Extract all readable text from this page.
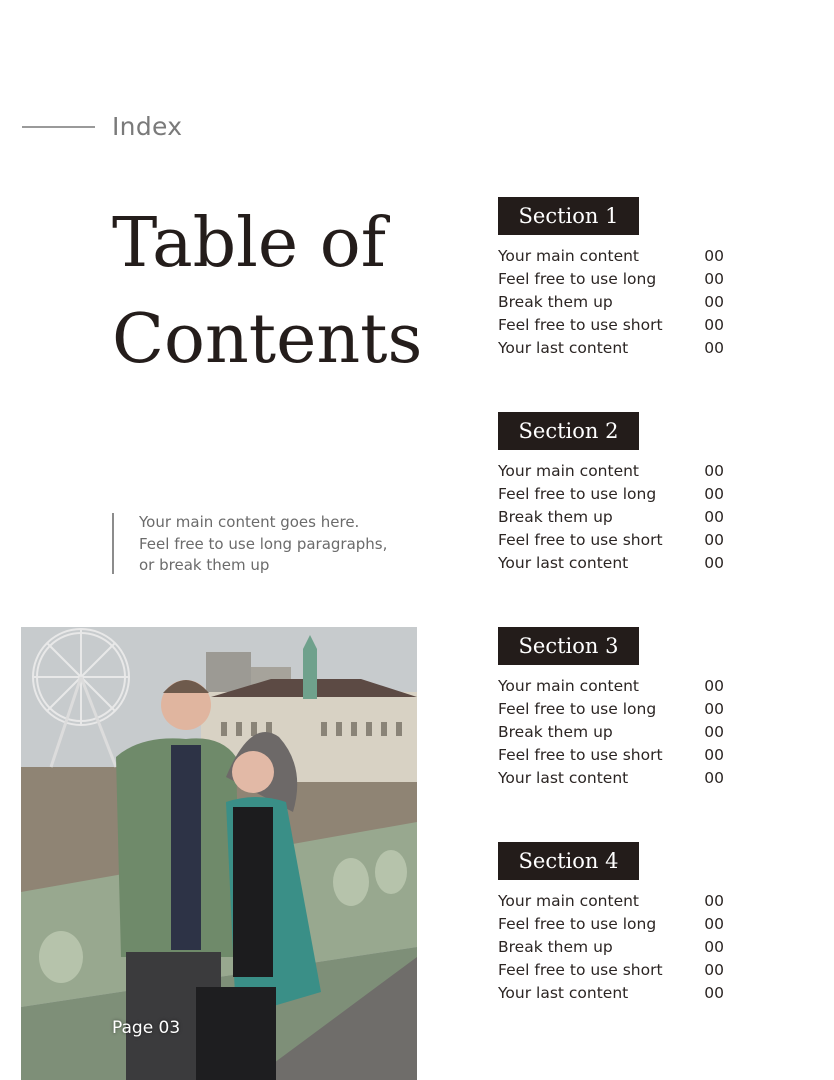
Index
Table of
Contents
Your main content goes here.
Feel free to use long paragraphs,
or break them up
Page 03
Section 1
Your main content	00
Feel free to use long	00
Break them up	00
Feel free to use short	00
Your last content	00
Section 2
Your main content	00
Feel free to use long	00
Break them up	00
Feel free to use short	00
Your last content	00
Section 3
Your main content	00
Feel free to use long	00
Break them up	00
Feel free to use short	00
Your last content	00
Section 4
Your main content	00
Feel free to use long	00
Break them up	00
Feel free to use short	00
Your last content	00
